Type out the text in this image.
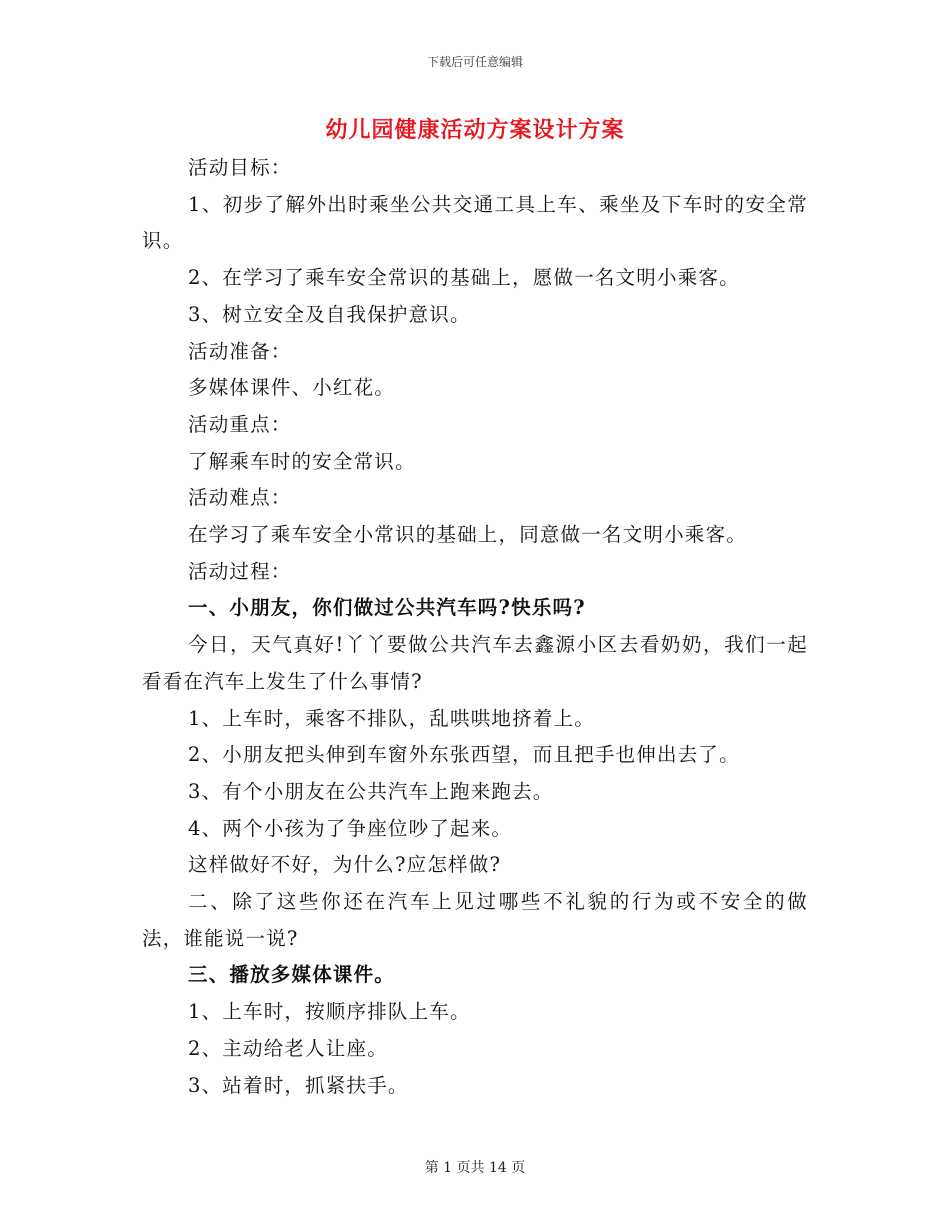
下载后可任意编辑
幼儿园健康活动方案设计方案

活动目标：

1、初步了解外出时乘坐公共交通工具上车、乘坐及下车时的安全常识。

2、在学习了乘车安全常识的基础上，愿做一名文明小乘客。

3、树立安全及自我保护意识。

活动准备：

多媒体课件、小红花。

活动重点：

了解乘车时的安全常识。

活动难点：

在学习了乘车安全小常识的基础上，同意做一名文明小乘客。

活动过程：

一、小朋友，你们做过公共汽车吗?快乐吗?

今日，天气真好!丫丫要做公共汽车去鑫源小区去看奶奶，我们一起看看在汽车上发生了什么事情?

1、上车时，乘客不排队，乱哄哄地挤着上。

2、小朋友把头伸到车窗外东张西望，而且把手也伸出去了。

3、有个小朋友在公共汽车上跑来跑去。

4、两个小孩为了争座位吵了起来。

这样做好不好，为什么?应怎样做?

二、除了这些你还在汽车上见过哪些不礼貌的行为或不安全的做法，谁能说一说?

三、播放多媒体课件。

1、上车时，按顺序排队上车。

2、主动给老人让座。

3、站着时，抓紧扶手。

第 1 页共 14 页
